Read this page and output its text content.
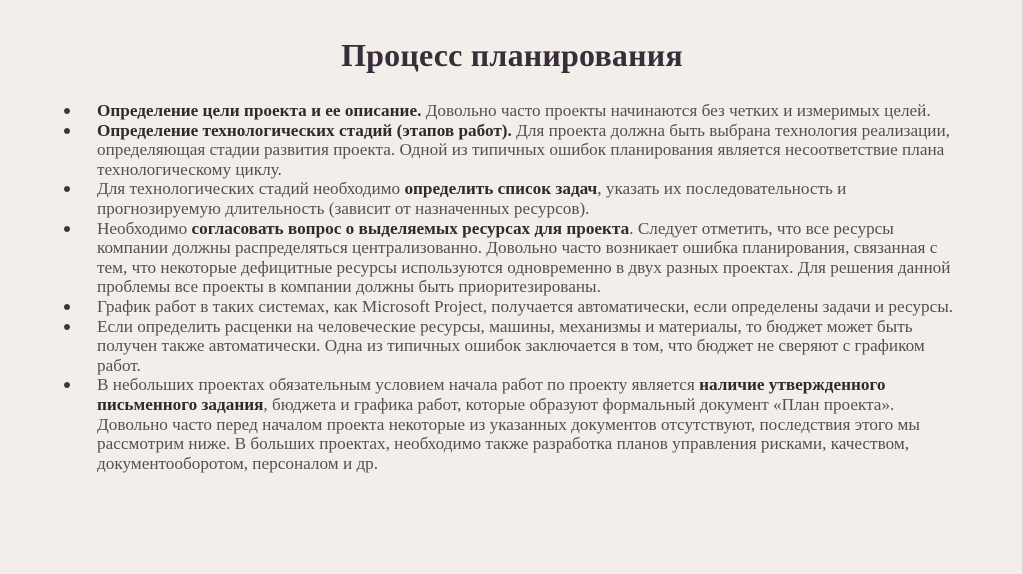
Процесс планирования
Определение цели проекта и ее описание. Довольно часто проекты начинаются без четких и измеримых целей.
Определение технологических стадий (этапов работ). Для проекта должна быть выбрана технология реализации, определяющая стадии развития проекта. Одной из типичных ошибок планирования является несоответствие плана технологическому циклу.
Для технологических стадий необходимо определить список задач, указать их последовательность и прогнозируемую длительность (зависит от назначенных ресурсов).
Необходимо согласовать вопрос о выделяемых ресурсах для проекта. Следует отметить, что все ресурсы компании должны распределяться централизованно. Довольно часто возникает ошибка планирования, связанная с тем, что некоторые дефицитные ресурсы используются одновременно в двух разных проектах. Для решения данной проблемы все проекты в компании должны быть приоритезированы.
График работ в таких системах, как Microsoft Project, получается автоматически, если определены задачи и ресурсы.
Если определить расценки на человеческие ресурсы, машины, механизмы и материалы, то бюджет может быть получен также автоматически. Одна из типичных ошибок заключается в том, что бюджет не сверяют с графиком работ.
В небольших проектах обязательным условием начала работ по проекту является наличие утвержденного письменного задания, бюджета и графика работ, которые образуют формальный документ «План проекта». Довольно часто перед началом проекта некоторые из указанных документов отсутствуют, последствия этого мы рассмотрим ниже. В больших проектах, необходимо также разработка планов управления рисками, качеством, документооборотом, персоналом и др.
